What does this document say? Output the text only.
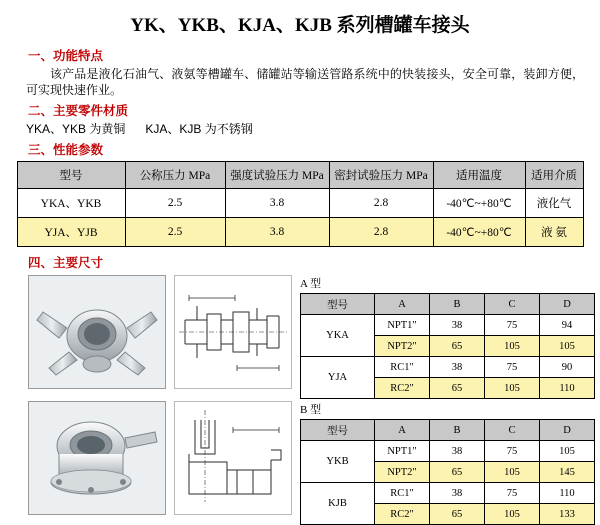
YK、YKB、KJA、KJB 系列槽罐车接头
一、功能特点
该产品是液化石油气、液氨等槽罐车、储罐站等输送管路系统中的快装接头，安全可靠，装卸方便，可实现快速作业。
二、主要零件材质
YKA、YKB 为黄铜      KJA、KJB 为不锈钢
三、性能参数
型号	公称压力 MPa	强度试验压力 MPa	密封试验压力 MPa	适用温度	适用介质
YKA、YKB	2.5	3.8	2.8	-40℃~+80℃	液化气
YJA、YJB	2.5	3.8	2.8	-40℃~+80℃	液 氨
四、主要尺寸
A 型
型号	A	B	C	D
YKA	NPT1"	38	75	94
	NPT2"	65	105	105
YJA	RC1"	38	75	90
	RC2"	65	105	110
B 型
型号	A	B	C	D
YKB	NPT1"	38	75	105
	NPT2"	65	105	145
KJB	RC1"	38	75	110
	RC2"	65	105	133
